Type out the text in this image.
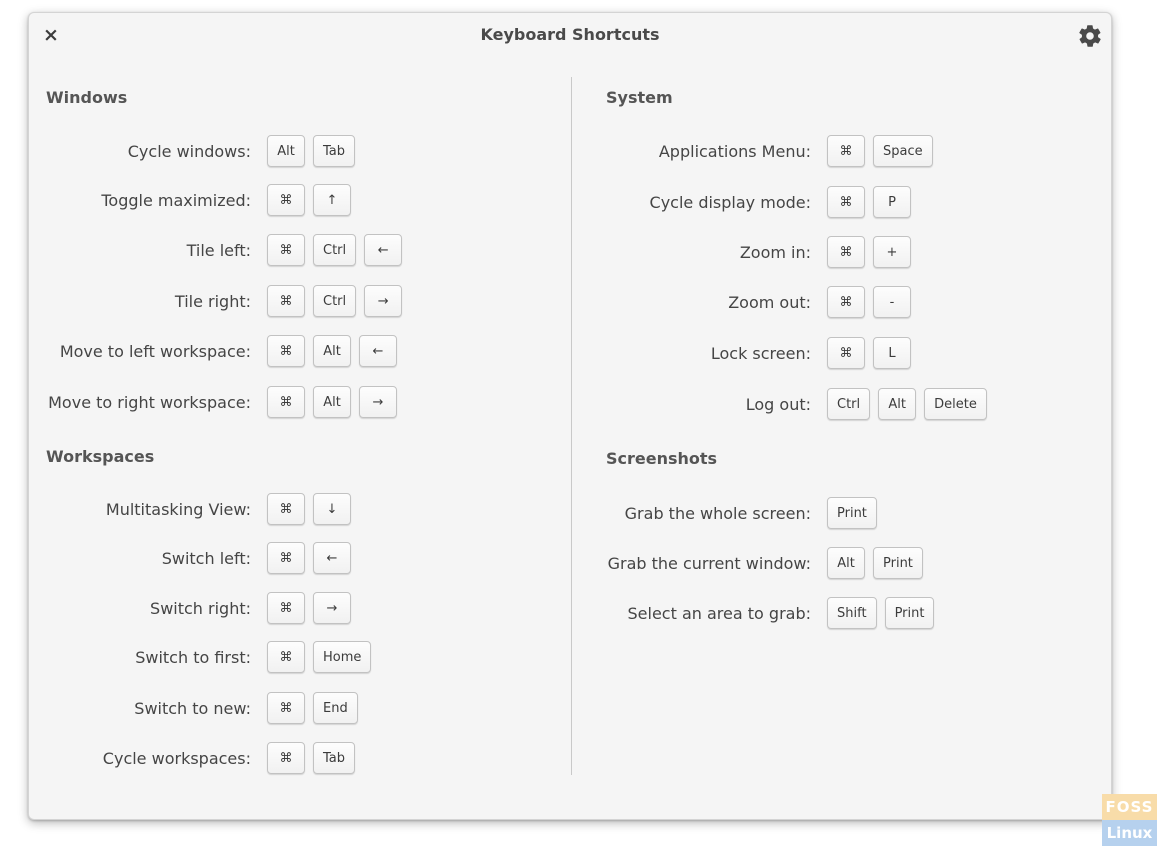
×	Keyboard Shortcuts
Windows
Workspaces
System
Screenshots
Cycle windows:	Alt	Tab
Toggle maximized:	⌘	↑
Tile left:	⌘	Ctrl	←
Tile right:	⌘	Ctrl	→
Move to left workspace:	⌘	Alt	←
Move to right workspace:	⌘	Alt	→
Multitasking View:	⌘	↓
Switch left:	⌘	←
Switch right:	⌘	→
Switch to first:	⌘	Home
Switch to new:	⌘	End
Cycle workspaces:	⌘	Tab
Applications Menu:	⌘	Space
Cycle display mode:	⌘	P
Zoom in:	⌘	+
Zoom out:	⌘	-
Lock screen:	⌘	L
Log out:	Ctrl	Alt	Delete
Grab the whole screen:	Print
Grab the current window:	Alt	Print
Select an area to grab:	Shift	Print
FOSS
Linux
